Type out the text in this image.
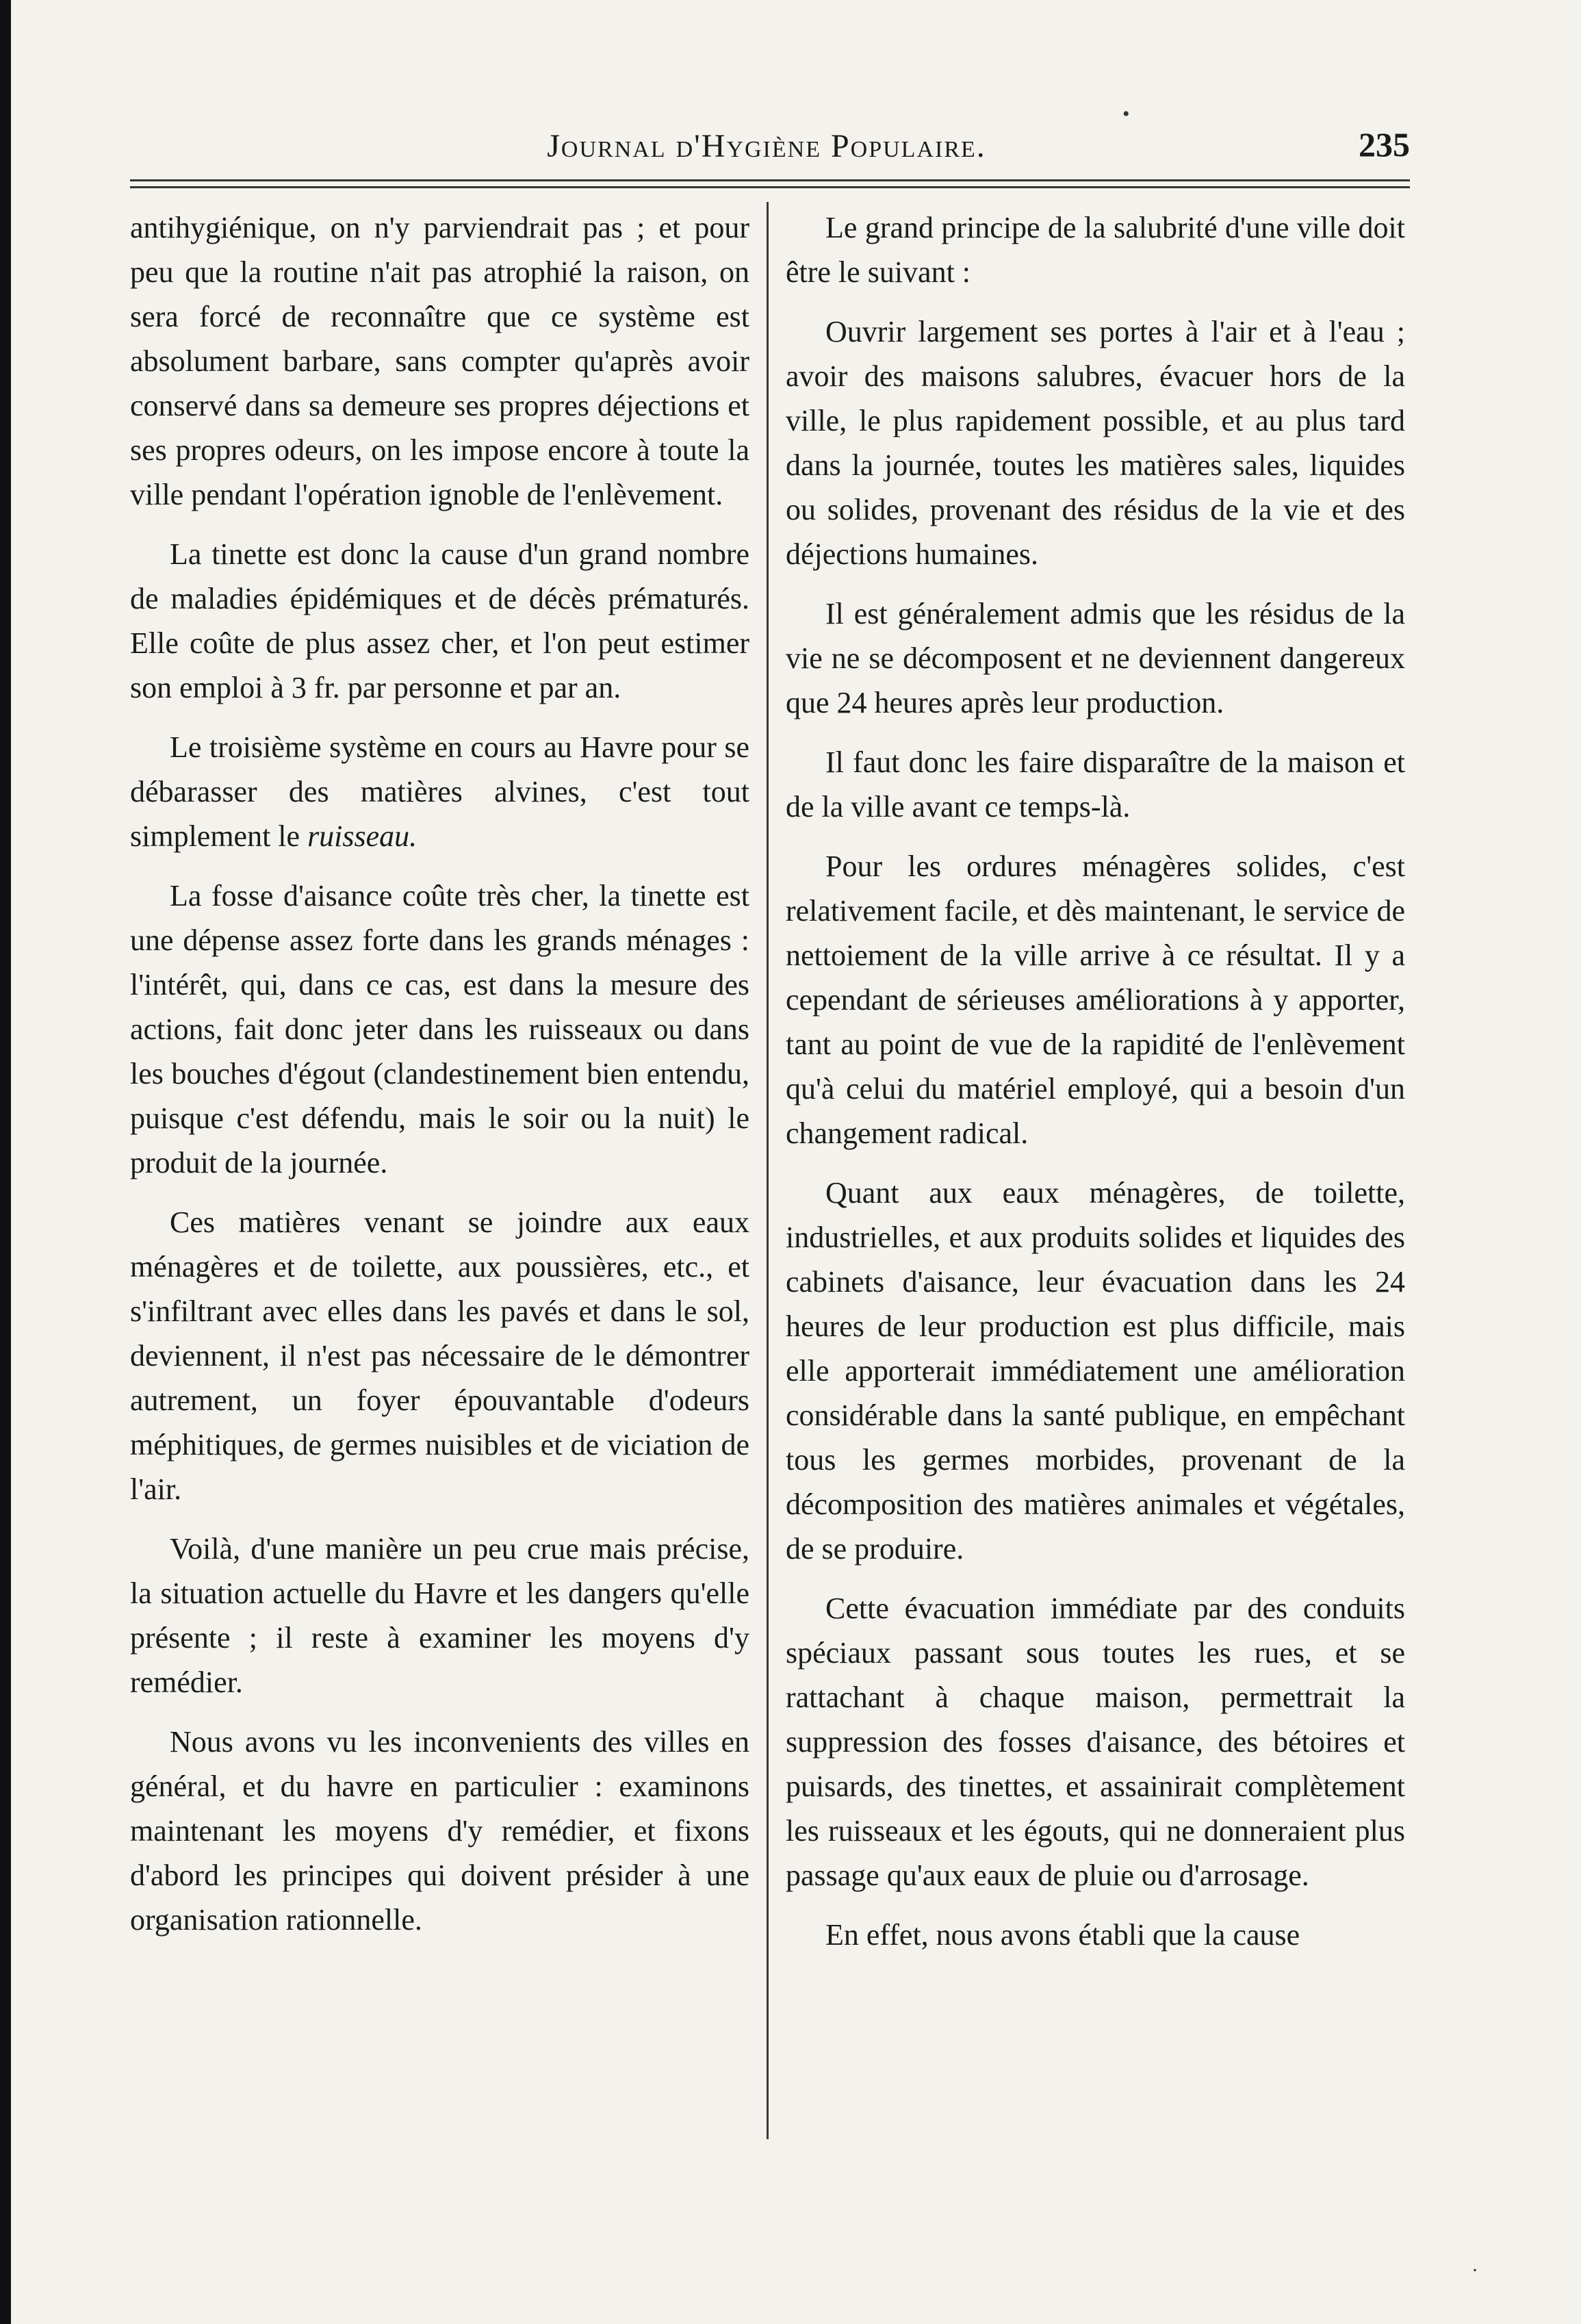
Journal d'Hygiène Populaire.	235

antihygiénique, on n'y parviendrait pas ; et pour peu que la routine n'ait pas atrophié la raison, on sera forcé de reconnaître que ce système est absolument barbare, sans compter qu'après avoir conservé dans sa demeure ses propres déjections et ses propres odeurs, on les impose encore à toute la ville pendant l'opération ignoble de l'enlèvement.

La tinette est donc la cause d'un grand nombre de maladies épidémiques et de décès prématurés. Elle coûte de plus assez cher, et l'on peut estimer son emploi à 3 fr. par personne et par an.

Le troisième système en cours au Havre pour se débarasser des matières alvines, c'est tout simplement le ruisseau.

La fosse d'aisance coûte très cher, la tinette est une dépense assez forte dans les grands ménages : l'intérêt, qui, dans ce cas, est dans la mesure des actions, fait donc jeter dans les ruisseaux ou dans les bouches d'égout (clandestinement bien entendu, puisque c'est défendu, mais le soir ou la nuit) le produit de la journée.

Ces matières venant se joindre aux eaux ménagères et de toilette, aux poussières, etc., et s'infiltrant avec elles dans les pavés et dans le sol, deviennent, il n'est pas nécessaire de le démontrer autrement, un foyer épouvantable d'odeurs méphitiques, de germes nuisibles et de viciation de l'air.

Voilà, d'une manière un peu crue mais précise, la situation actuelle du Havre et les dangers qu'elle présente ; il reste à examiner les moyens d'y remédier.

Nous avons vu les inconvenients des villes en général, et du havre en particulier : examinons maintenant les moyens d'y remédier, et fixons d'abord les principes qui doivent présider à une organisation rationnelle.

Le grand principe de la salubrité d'une ville doit être le suivant :

Ouvrir largement ses portes à l'air et à l'eau ; avoir des maisons salubres, évacuer hors de la ville, le plus rapidement possible, et au plus tard dans la journée, toutes les matières sales, liquides ou solides, provenant des résidus de la vie et des déjections humaines.

Il est généralement admis que les résidus de la vie ne se décomposent et ne deviennent dangereux que 24 heures après leur production.

Il faut donc les faire disparaître de la maison et de la ville avant ce temps-là.

Pour les ordures ménagères solides, c'est relativement facile, et dès maintenant, le service de nettoiement de la ville arrive à ce résultat. Il y a cependant de sérieuses améliorations à y apporter, tant au point de vue de la rapidité de l'enlèvement qu'à celui du matériel employé, qui a besoin d'un changement radical.

Quant aux eaux ménagères, de toilette, industrielles, et aux produits solides et liquides des cabinets d'aisance, leur évacuation dans les 24 heures de leur production est plus difficile, mais elle apporterait immédiatement une amélioration considérable dans la santé publique, en empêchant tous les germes morbides, provenant de la décomposition des matières animales et végétales, de se produire.

Cette évacuation immédiate par des conduits spéciaux passant sous toutes les rues, et se rattachant à chaque maison, permettrait la suppression des fosses d'aisance, des bétoires et puisards, des tinettes, et assainirait complètement les ruisseaux et les égouts, qui ne donneraient plus passage qu'aux eaux de pluie ou d'arrosage.

En effet, nous avons établi que la cause

•
·
